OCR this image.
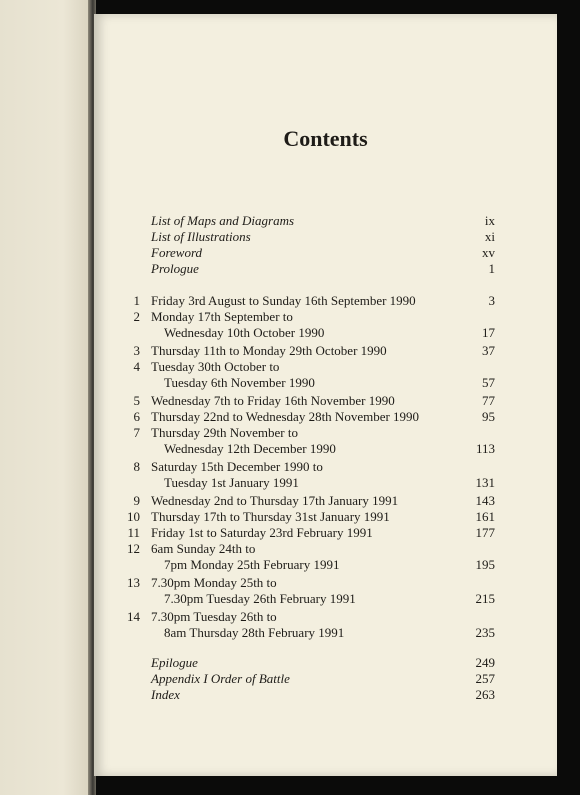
Contents
List of Maps and Diagrams	ix
List of Illustrations	xi
Foreword	xv
Prologue	1
1 Friday 3rd August to Sunday 16th September 1990	3
2 Monday 17th September to
Wednesday 10th October 1990	17
3 Thursday 11th to Monday 29th October 1990	37
4 Tuesday 30th October to
Tuesday 6th November 1990	57
5 Wednesday 7th to Friday 16th November 1990	77
6 Thursday 22nd to Wednesday 28th November 1990	95
7 Thursday 29th November to
Wednesday 12th December 1990	113
8 Saturday 15th December 1990 to
Tuesday 1st January 1991	131
9 Wednesday 2nd to Thursday 17th January 1991	143
10 Thursday 17th to Thursday 31st January 1991	161
11 Friday 1st to Saturday 23rd February 1991	177
12 6am Sunday 24th to
7pm Monday 25th February 1991	195
13 7.30pm Monday 25th to
7.30pm Tuesday 26th February 1991	215
14 7.30pm Tuesday 26th to
8am Thursday 28th February 1991	235
Epilogue	249
Appendix I Order of Battle	257
Index	263
